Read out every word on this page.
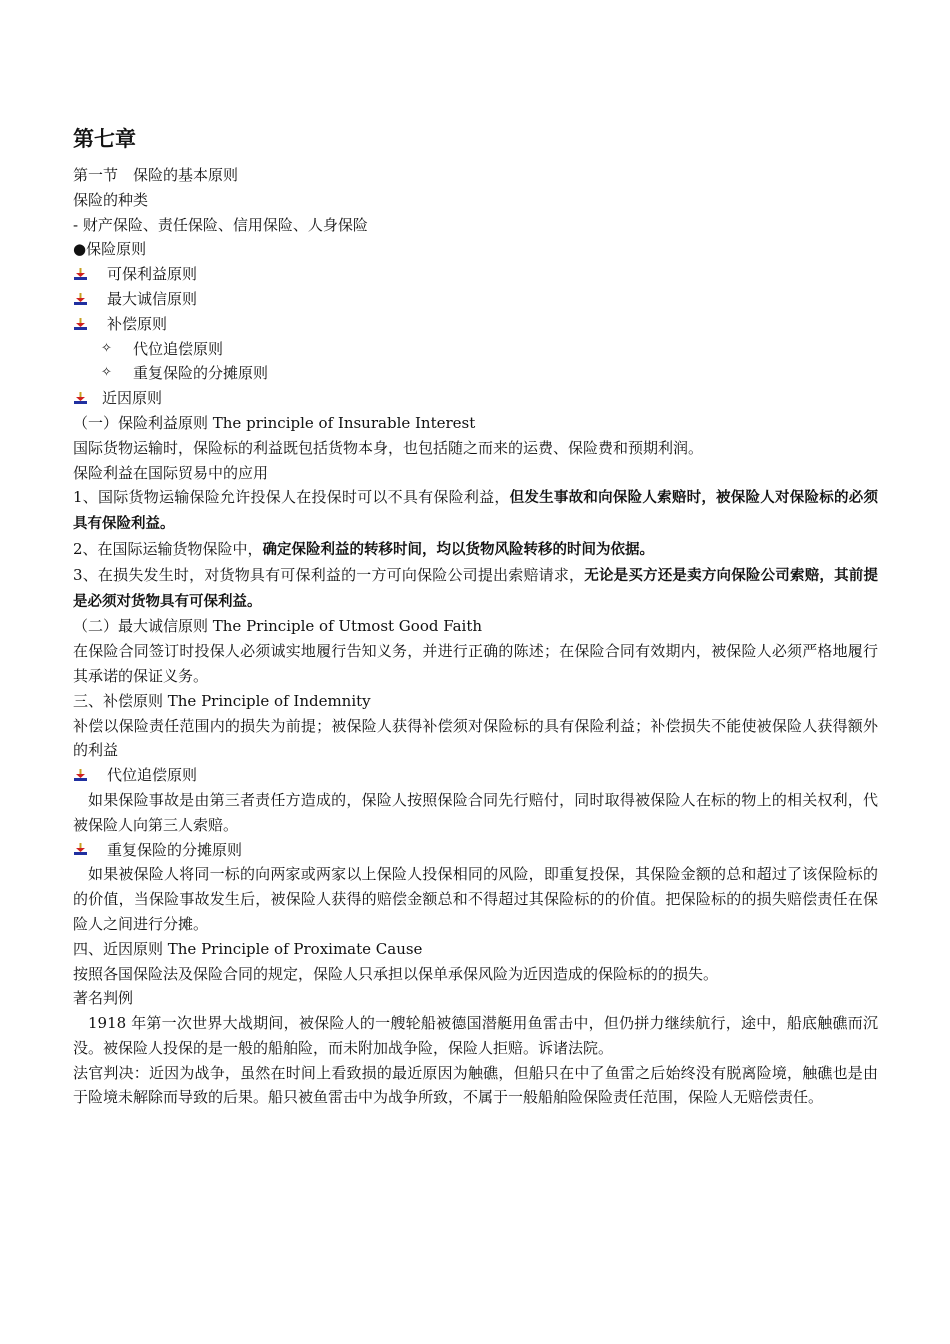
第七章
第一节　保险的基本原则
保险的种类
- 财产保险、责任保险、信用保险、人身保险
●保险原则
可保利益原则
最大诚信原则
补偿原则
✧ 代位追偿原则
✧ 重复保险的分摊原则
近因原则
（一）保险利益原则 The principle of Insurable Interest
国际货物运输时，保险标的利益既包括货物本身，也包括随之而来的运费、保险费和预期利润。
保险利益在国际贸易中的应用
1、国际货物运输保险允许投保人在投保时可以不具有保险利益，但发生事故和向保险人索赔时，被保险人对保险标的必须具有保险利益。
2、在国际运输货物保险中，确定保险利益的转移时间，均以货物风险转移的时间为依据。
3、在损失发生时，对货物具有可保利益的一方可向保险公司提出索赔请求，无论是买方还是卖方向保险公司索赔，其前提是必须对货物具有可保利益。
（二）最大诚信原则 The Principle of Utmost Good Faith
在保险合同签订时投保人必须诚实地履行告知义务，并进行正确的陈述；在保险合同有效期内，被保险人必须严格地履行其承诺的保证义务。
三、补偿原则 The Principle of Indemnity
补偿以保险责任范围内的损失为前提；被保险人获得补偿须对保险标的具有保险利益；补偿损失不能使被保险人获得额外的利益
代位追偿原则
如果保险事故是由第三者责任方造成的，保险人按照保险合同先行赔付，同时取得被保险人在标的物上的相关权利，代被保险人向第三人索赔。
重复保险的分摊原则
如果被保险人将同一标的向两家或两家以上保险人投保相同的风险，即重复投保，其保险金额的总和超过了该保险标的的价值，当保险事故发生后，被保险人获得的赔偿金额总和不得超过其保险标的的价值。把保险标的的损失赔偿责任在保险人之间进行分摊。
四、近因原则 The Principle of Proximate Cause
按照各国保险法及保险合同的规定，保险人只承担以保单承保风险为近因造成的保险标的的损失。
著名判例
1918 年第一次世界大战期间，被保险人的一艘轮船被德国潜艇用鱼雷击中，但仍拼力继续航行，途中，船底触礁而沉没。被保险人投保的是一般的船舶险，而未附加战争险，保险人拒赔。诉诸法院。
法官判决：近因为战争，虽然在时间上看致损的最近原因为触礁，但船只在中了鱼雷之后始终没有脱离险境，触礁也是由于险境未解除而导致的后果。船只被鱼雷击中为战争所致，不属于一般船舶险保险责任范围，保险人无赔偿责任。
